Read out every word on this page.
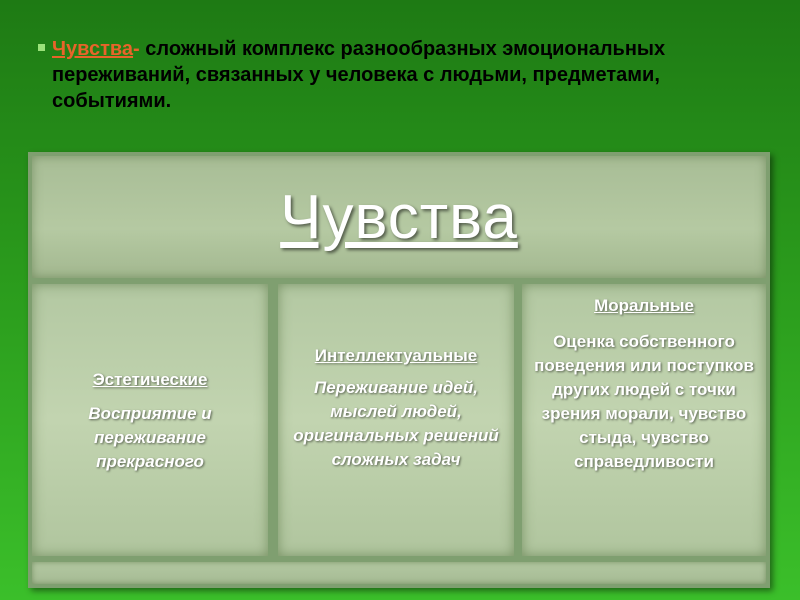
Чувства- сложный комплекс разнообразных эмоциональных переживаний, связанных у человека с людьми, предметами, событиями.
Чувства
Эстетические
Восприятие и переживание прекрасного
Интеллектуальные
Переживание идей, мыслей людей, оригинальных решений сложных задач
Моральные
Оценка собственного поведения или поступков других людей с точки зрения морали, чувство стыда, чувство справедливости
